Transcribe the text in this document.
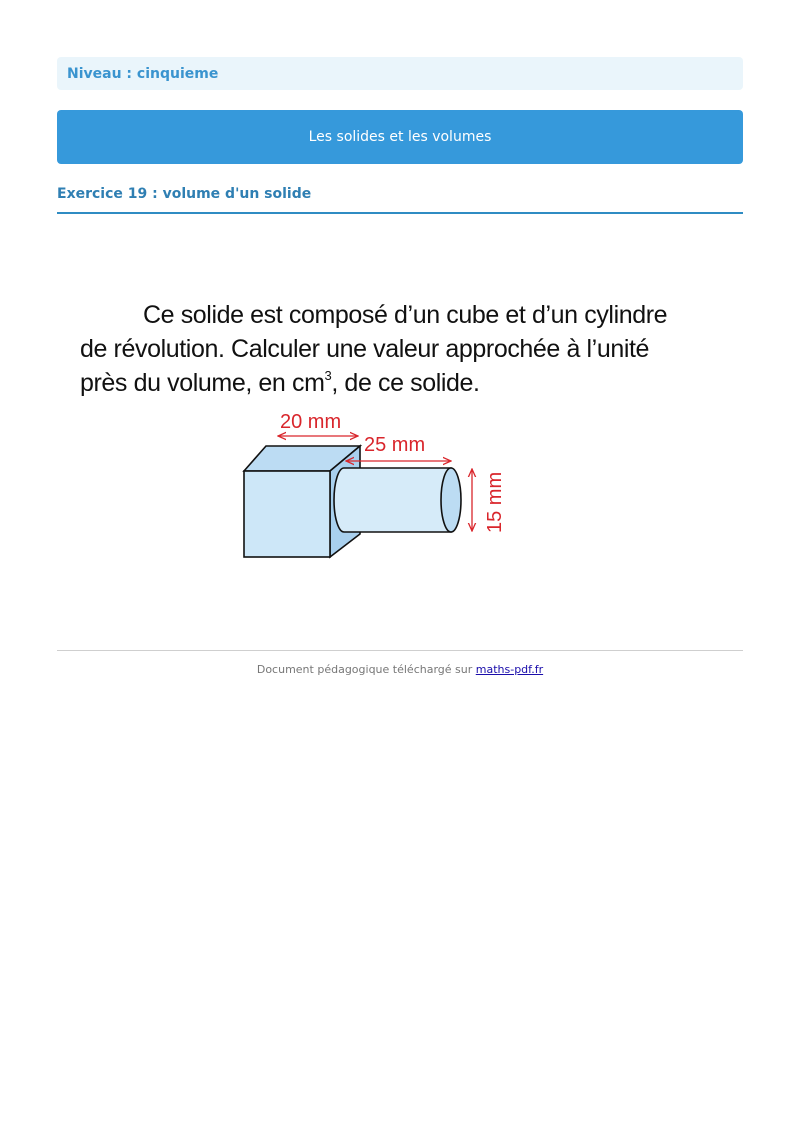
Niveau : cinquieme
Les solides et les volumes
Exercice 19 : volume d'un solide
Ce solide est composé d’un cube et d’un cylindre
de révolution. Calculer une valeur approchée à l’unité
près du volume, en $cm^3$, de ce solide.
20 mm
25 mm
15 mm
Document pédagogique téléchargé sur maths-pdf.fr
